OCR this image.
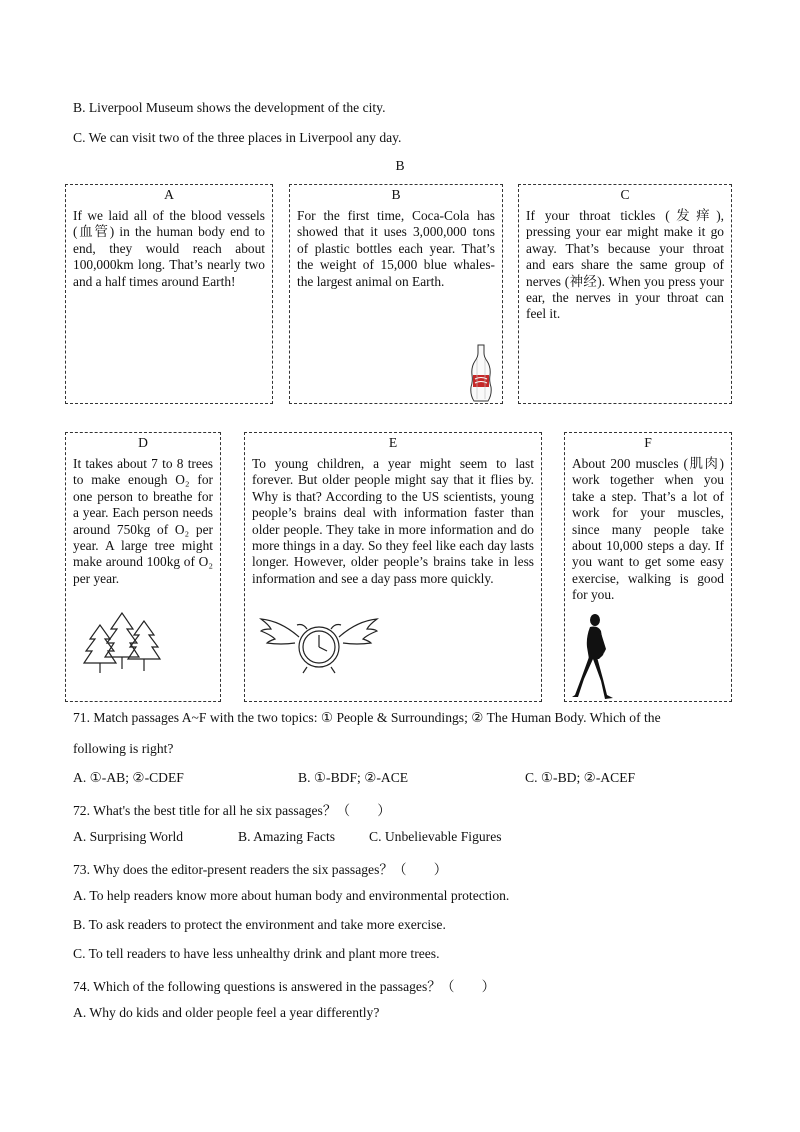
B. Liverpool Museum shows the development of the city.
C. We can visit two of the three places in Liverpool any day.
B
A
If we laid all of the blood vessels (血管) in the human body end to end, they would reach about 100,000km long. That’s nearly two and a half times around Earth!
B
For the first time, Coca-Cola has showed that it uses 3,000,000 tons of plastic bottles each year. That’s the weight of 15,000 blue whales- the largest animal on Earth.
C
If your throat tickles (发痒), pressing your ear might make it go away. That’s because your throat and ears share the same group of nerves (神经). When you press your ear, the nerves in your throat can feel it.
D
It takes about 7 to 8 trees to make enough O₂ for one person to breathe for a year. Each person needs around 750kg of O₂ per year. A large tree might make around 100kg of O₂ per year.
E
To young children, a year might seem to last forever. But older people might say that it flies by. Why is that? According to the US scientists, young people’s brains deal with information faster than older people. They take in more information and do more things in a day. So they feel like each day lasts longer. However, older people’s brains take in less information and see a day pass more quickly.
F
About 200 muscles (肌肉) work together when you take a step. That’s a lot of work for your muscles, since many people take about 10,000 steps a day. If you want to get some easy exercise, walking is good for you.
71. Match passages A~F with the two topics: ① People & Surroundings; ② The Human Body. Which of the
following is right?
A. ①-AB; ②-CDEF	B. ①-BDF; ②-ACE	C. ①-BD; ②-ACEF
72. What's the best title for all he six passages？（　　）
A. Surprising World	B. Amazing Facts C. Unbelievable Figures
73. Why does the editor-present readers the six passages？（　　）
A. To help readers know more about human body and environmental protection.
B. To ask readers to protect the environment and take more exercise.
C. To tell readers to have less unhealthy drink and plant more trees.
74. Which of the following questions is answered in the passages？（　　）
A. Why do kids and older people feel a year differently?
